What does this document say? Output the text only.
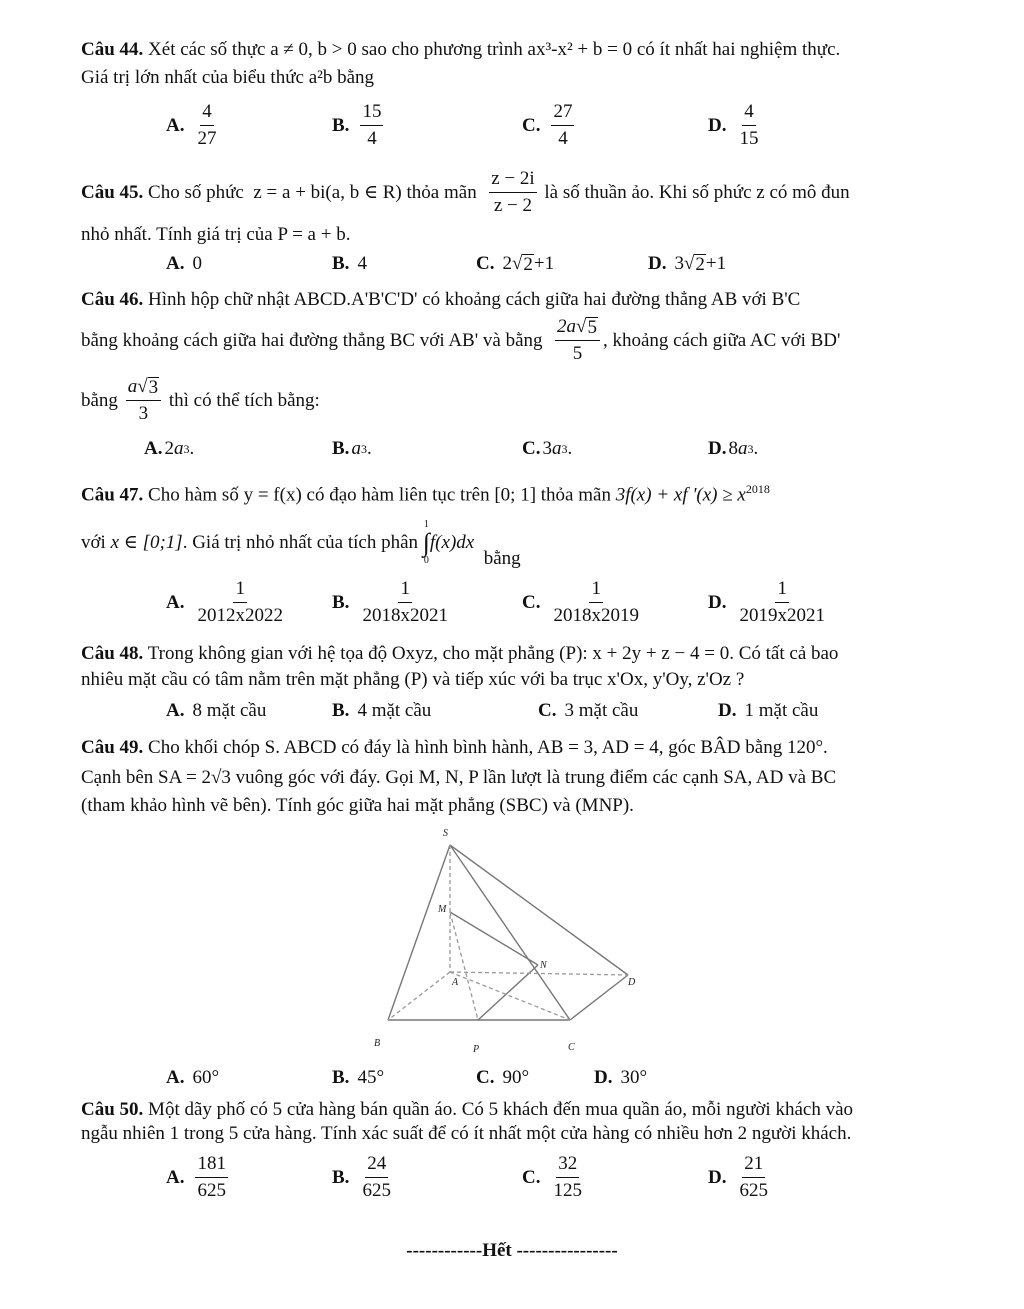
Câu 44. Xét các số thực a ≠ 0, b > 0 sao cho phương trình ax³-x² + b = 0 có ít nhất hai nghiệm thực.
Giá trị lớn nhất của biểu thức a²b bằng
A. $\frac{4}{27}$	B. $\frac{15}{4}$	C. $\frac{27}{4}$	D. $\frac{4}{15}$
Câu 45.
Cho số phức
z = a + bi(a, b ∈ R)
thỏa mãn
$\frac{z - 2i}{z - 2}$
là số thuần ảo. Khi số phức z có mô đun
nhỏ nhất. Tính giá trị của P = a + b.
A. 0	B. 4	C. 2 √ 2 +1	D. 3 √ 2 +1
Câu 46. Hình hộp chữ nhật ABCD.A'B'C'D' có khoảng cách giữa hai đường thẳng AB với B'C
bằng khoảng cách giữa hai đường thẳng BC với AB' và bằng
$\frac{2a√ 5}{5}$ , khoảng cách giữa AC với BD'
bằng
$\frac{a√ 3}{3}$
thì có thể tích bằng:
A. 2 a 3 .	B. a 3 .	C. 3 a 3 .	D. 8 a 3 .
Câu 47. Cho hàm số y = f(x) có đạo hàm liên tục trên [0; 1] thỏa mãn 3f(x) + xf '$(x) \ge x^{2018}$
với
x ∈ [0;1] . Giá trị nhỏ nhất của tích phân

1
∫
0
f(x)dx

bằng
A. $\frac{1}{2012x2022} B$. $\frac{1}{2018x2021}$	C. $\frac{1}{2018x2019}$	D. $\frac{1}{2019x2021}$
Câu 48. Trong không gian với hệ tọa độ Oxyz, cho mặt phẳng (P): x + 2y + z − 4 = 0. Có tất cả bao
nhiêu mặt cầu có tâm nằm trên mặt phẳng (P) và tiếp xúc với ba trục x'Ox, y'Oy, z'Oz ?
A. 8 mặt cầu	B. 4 mặt cầu	C. 3 mặt cầu	D. 1 mặt cầu
Câu 49. Cho khối chóp S. ABCD có đáy là hình bình hành, AB = 3, AD = 4, góc BÂD bằng 120°.
Cạnh bên SA = 2√3 vuông góc với đáy. Gọi M, N, P lần lượt là trung điểm các cạnh SA, AD và BC
(tham khảo hình vẽ bên). Tính góc giữa hai mặt phẳng (SBC) và (MNP).
S
M
N
A	D
B
P	C
A. 60°	B. 45°	C. 90°	D. 30°
Câu 50. Một dãy phố có 5 cửa hàng bán quần áo. Có 5 khách đến mua quần áo, mỗi người khách vào
ngẫu nhiên 1 trong 5 cửa hàng. Tính xác suất để có ít nhất một cửa hàng có nhiều hơn 2 người khách.
A. $\frac{181}{625}$	B. $\frac{24}{625}$	C. $\frac{32}{125}$	D. $\frac{21}{625}$
------------Hết ----------------
